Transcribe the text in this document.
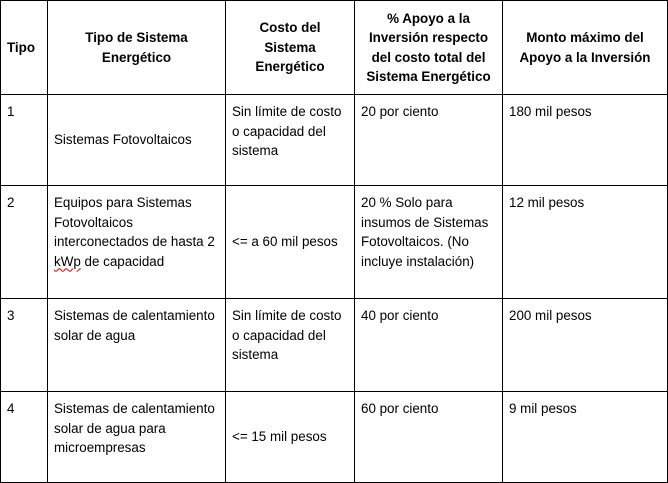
Tipo	Tipo de Sistema Energético	Costo del Sistema Energético	% Apoyo a la Inversión respecto del costo total del Sistema Energético	Monto máximo del Apoyo a la Inversión

1	Sistemas Fotovoltaicos	Sin límite de costo o capacidad del sistema	20 por ciento	180 mil pesos

2	Equipos para Sistemas Fotovoltaicos interconectados de hasta 2 kWp de capacidad	<= a 60 mil pesos	20 % Solo para insumos de Sistemas Fotovoltaicos. (No incluye instalación)	12 mil pesos

3	Sistemas de calentamiento solar de agua	Sin límite de costo o capacidad del sistema	40 por ciento	200 mil pesos

4	Sistemas de calentamiento solar de agua para microempresas	<= 15 mil pesos	60 por ciento	9 mil pesos
